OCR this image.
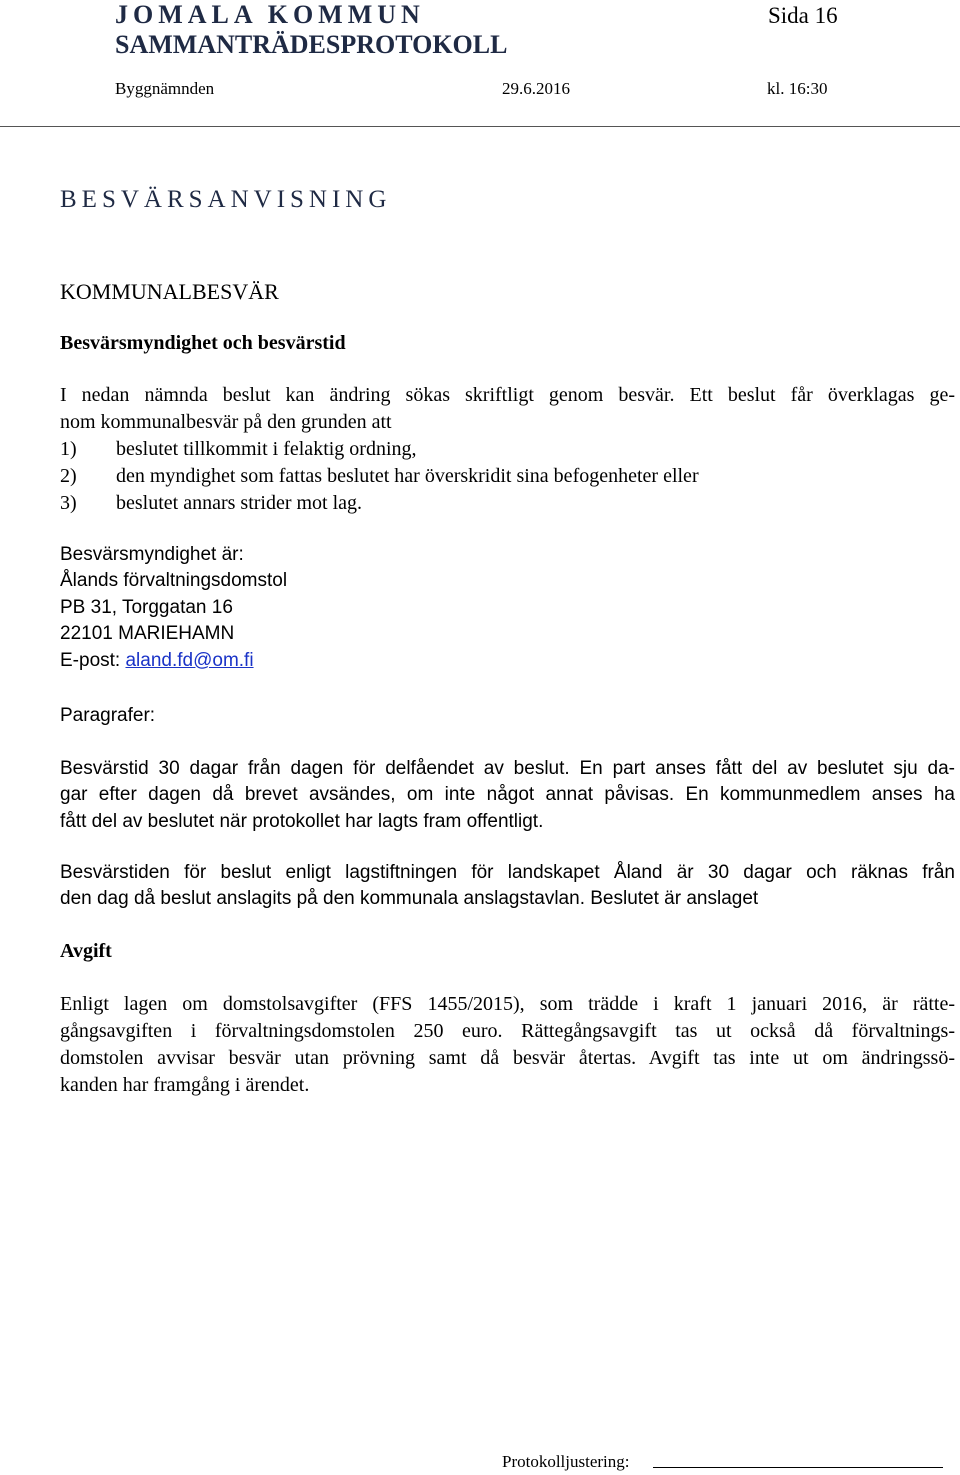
JOMALA KOMMUN	Sida 16
SAMMANTRÄDESPROTOKOLL
Byggnämnden	29.6.2016	kl. 16:30
BESVÄRSANVISNING
KOMMUNALBESVÄR
Besvärsmyndighet och besvärstid
I nedan nämnda beslut kan ändring sökas skriftligt genom besvär. Ett beslut får överklagas ge-
nom kommunalbesvär på den grunden att
1) beslutet tillkommit i felaktig ordning,
2) den myndighet som fattas beslutet har överskridit sina befogenheter eller
3) beslutet annars strider mot lag.
Besvärsmyndighet är:
Ålands förvaltningsdomstol
PB 31, Torggatan 16
22101 MARIEHAMN
E-post: aland.fd@om.fi
Paragrafer:
Besvärstid 30 dagar från dagen för delfåendet av beslut. En part anses fått del av beslutet sju da-
gar efter dagen då brevet avsändes, om inte något annat påvisas. En kommunmedlem anses ha
fått del av beslutet när protokollet har lagts fram offentligt.
Besvärstiden för beslut enligt lagstiftningen för landskapet Åland är 30 dagar och räknas från
den dag då beslut anslagits på den kommunala anslagstavlan. Beslutet är anslaget
Avgift
Enligt lagen om domstolsavgifter (FFS 1455/2015), som trädde i kraft 1 januari 2016, är rätte-
gångsavgiften i förvaltningsdomstolen 250 euro. Rättegångsavgift tas ut också då förvaltnings-
domstolen avvisar besvär utan prövning samt då besvär återtas. Avgift tas inte ut om ändringssö-
kanden har framgång i ärendet.
Protokolljustering:
